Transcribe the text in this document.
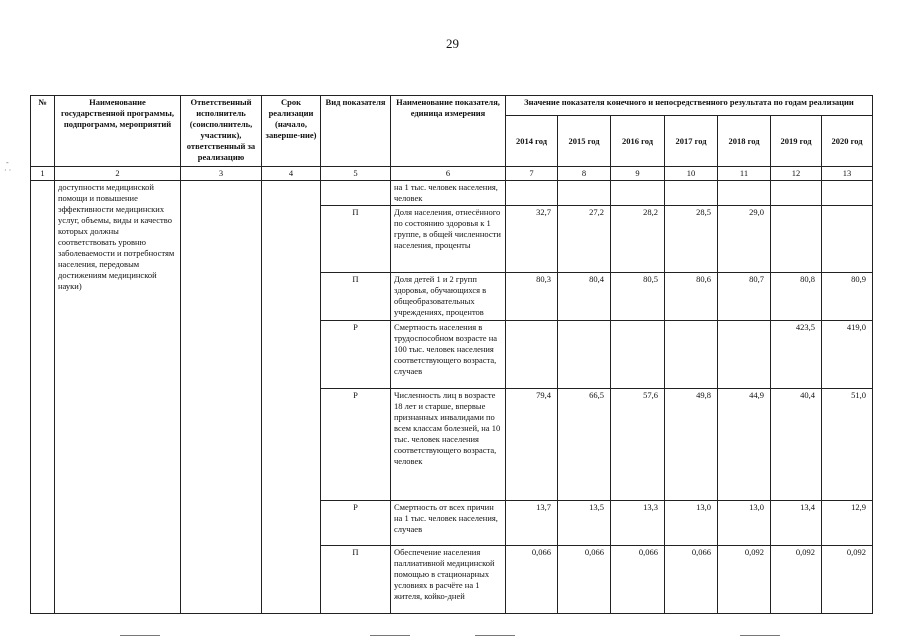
29
-
· ·
№	Наименование государственной программы, подпрограмм, мероприятий	Ответственный исполнитель (соисполнитель, участник), ответственный за реализацию	Срок реализации (начало, заверше-ние)	Вид показателя	Наименование показателя, единица измерения	Значение показателя конечного и непосредственного результата по годам реализации						
						2014 год	2015 год	2016 год	2017 год	2018 год	2019 год	2020 год
1	2	3	4	5	6	7	8	9	10	11	12	13
	доступности медицинской помощи и повышение эффективности медицинских услуг, объемы, виды и качество которых должны соответствовать уровню заболеваемости и потребностям населения, передовым достижениям медицинской науки)				на 1 тыс. человек населения, человек							
				П	Доля населения, отнесённого по состоянию здоровья к 1 группе, в общей численности населения, проценты	32,7	27,2	28,2	28,5	29,0		
				П	Доля детей 1 и 2 групп здоровья, обучающихся в общеобразовательных учреждениях, процентов	80,3	80,4	80,5	80,6	80,7	80,8	80,9
				Р	Смертность населения в трудоспособном возрасте на 100 тыс. человек населения соответствующего возраста, случаев						423,5	419,0
				Р	Численность лиц в возрасте 18 лет и старше, впервые признанных инвалидами по всем классам болезней, на 10 тыс. человек населения соответствующего возраста, человек	79,4	66,5	57,6	49,8	44,9	40,4	51,0
				Р	Смертность от всех причин на 1 тыс. человек населения, случаев	13,7	13,5	13,3	13,0	13,0	13,4	12,9
				П	Обеспечение населения паллиативной медицинской помощью в стационарных условиях в расчёте на 1 жителя, койко-дней	0,066	0,066	0,066	0,066	0,092	0,092	0,092
